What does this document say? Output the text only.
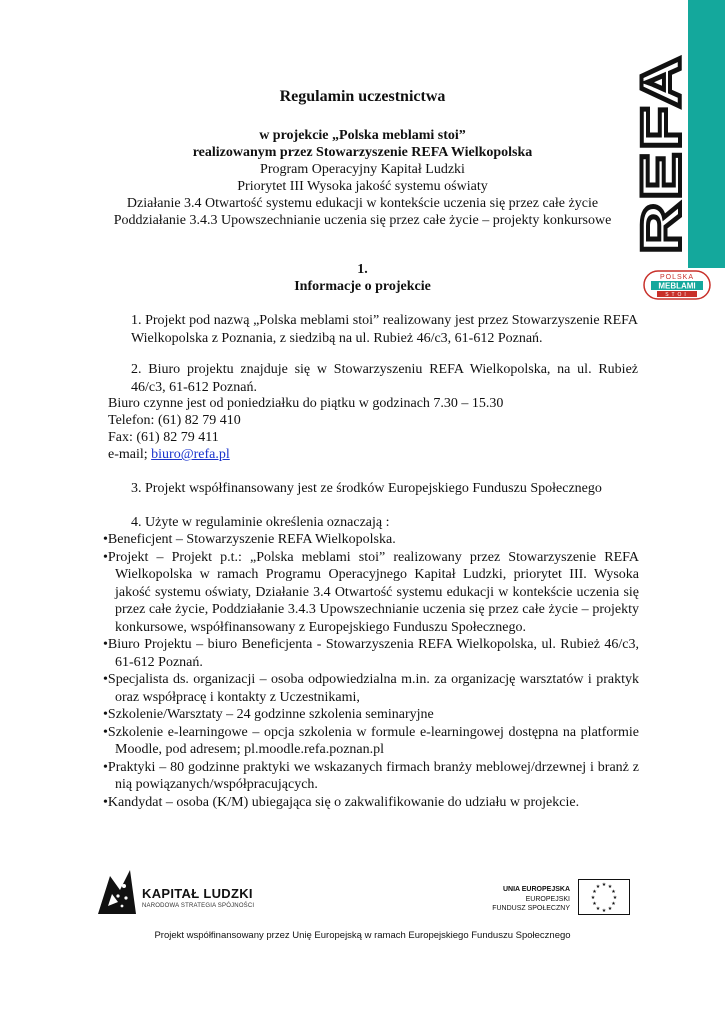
REFA
POLSKA
MEBLAMI
STOI
Regulamin uczestnictwa
w projekcie „Polska meblami stoi”
realizowanym przez Stowarzyszenie REFA Wielkopolska
Program Operacyjny Kapitał Ludzki
Priorytet III Wysoka jakość systemu oświaty
Działanie 3.4 Otwartość systemu edukacji w kontekście uczenia się przez całe życie
Poddziałanie 3.4.3 Upowszechnianie uczenia się przez całe życie – projekty konkursowe
1.
Informacje o projekcie
1. Projekt pod nazwą „Polska meblami stoi” realizowany jest przez Stowarzyszenie REFA Wielkopolska z Poznania, z siedzibą na ul. Rubież 46/c3, 61-612 Poznań.
2. Biuro projektu znajduje się w Stowarzyszeniu REFA Wielkopolska, na ul. Rubież 46/c3, 61-612 Poznań.
Biuro czynne jest od poniedziałku do piątku w godzinach 7.30 – 15.30
Telefon: (61) 82 79 410
Fax: (61) 82 79 411
e-mail; biuro@refa.pl
3. Projekt współfinansowany jest ze środków Europejskiego Funduszu Społecznego
4. Użyte w regulaminie określenia oznaczają :
•Beneficjent – Stowarzyszenie REFA Wielkopolska.
•Projekt – Projekt p.t.: „Polska meblami stoi” realizowany przez Stowarzyszenie REFA Wielkopolska w ramach Programu Operacyjnego Kapitał Ludzki, priorytet III. Wysoka jakość systemu oświaty, Działanie 3.4 Otwartość systemu edukacji w kontekście uczenia się przez całe życie, Poddziałanie 3.4.3 Upowszechnianie uczenia się przez całe życie – projekty konkursowe, współfinansowany z Europejskiego Funduszu Społecznego.
•Biuro Projektu – biuro Beneficjenta - Stowarzyszenia REFA Wielkopolska, ul. Rubież 46/c3, 61-612 Poznań.
•Specjalista ds. organizacji – osoba odpowiedzialna m.in. za organizację warsztatów i praktyk oraz współpracę i kontakty z Uczestnikami,
•Szkolenie/Warsztaty – 24 godzinne szkolenia seminaryjne
•Szkolenie e-learningowe – opcja szkolenia w formule e-learningowej dostępna na platformie Moodle, pod adresem; pl.moodle.refa.poznan.pl
•Praktyki – 80 godzinne praktyki we wskazanych firmach branży meblowej/drzewnej i branż z nią powiązanych/współpracujących.
•Kandydat – osoba (K/M) ubiegająca się o zakwalifikowanie do udziału w projekcie.
KAPITAŁ LUDZKI
NARODOWA STRATEGIA SPÓJNOŚCI
UNIA EUROPEJSKA
EUROPEJSKI
FUNDUSZ SPOŁECZNY
★ ★
★
★
★
★
★
★
★
★
★
★
Projekt współfinansowany przez Unię Europejską w ramach Europejskiego Funduszu Społecznego
